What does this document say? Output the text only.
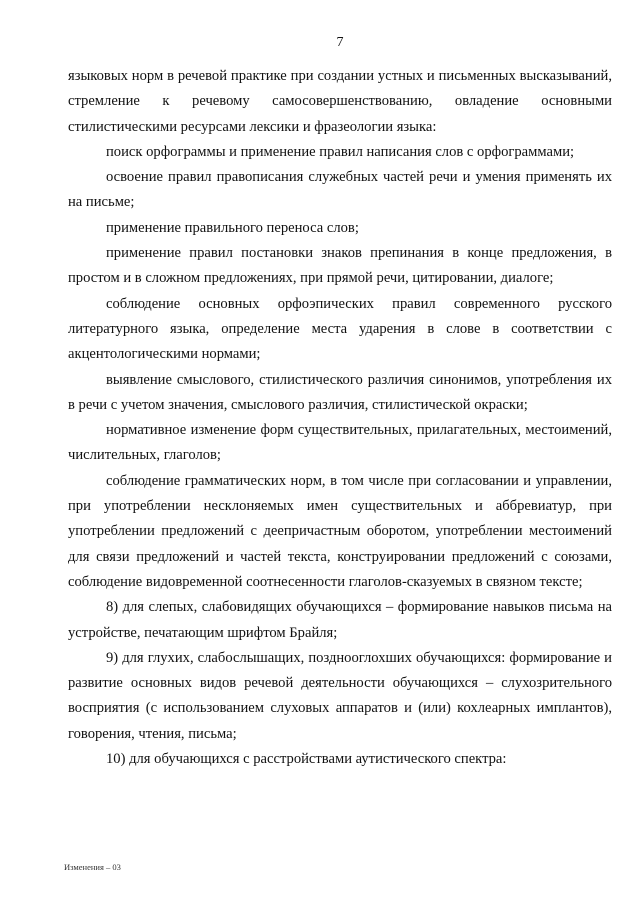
7

языковых норм в речевой практике при создании устных и письменных высказываний, стремление к речевому самосовершенствованию, овладение основными стилистическими ресурсами лексики и фразеологии языка:

поиск орфограммы и применение правил написания слов с орфограммами;

освоение правил правописания служебных частей речи и умения применять их на письме;

применение правильного переноса слов;

применение правил постановки знаков препинания в конце предложения, в простом и в сложном предложениях, при прямой речи, цитировании, диалоге;

соблюдение основных орфоэпических правил современного русского литературного языка, определение места ударения в слове в соответствии с акцентологическими нормами;

выявление смыслового, стилистического различия синонимов, употребления их в речи с учетом значения, смыслового различия, стилистической окраски;

нормативное изменение форм существительных, прилагательных, местоимений, числительных, глаголов;

соблюдение грамматических норм, в том числе при согласовании и управлении, при употреблении несклоняемых имен существительных и аббревиатур, при употреблении предложений с деепричастным оборотом, употреблении местоимений для связи предложений и частей текста, конструировании предложений с союзами, соблюдение видовременной соотнесенности глаголов-сказуемых в связном тексте;

8) для слепых, слабовидящих обучающихся – формирование навыков письма на устройстве, печатающим шрифтом Брайля;

9) для глухих, слабослышащих, позднооглохших обучающихся: формирование и развитие основных видов речевой деятельности обучающихся – слухозрительного восприятия (с использованием слуховых аппаратов и (или) кохлеарных имплантов), говорения, чтения, письма;

10) для обучающихся с расстройствами аутистического спектра:

Изменения – 03
